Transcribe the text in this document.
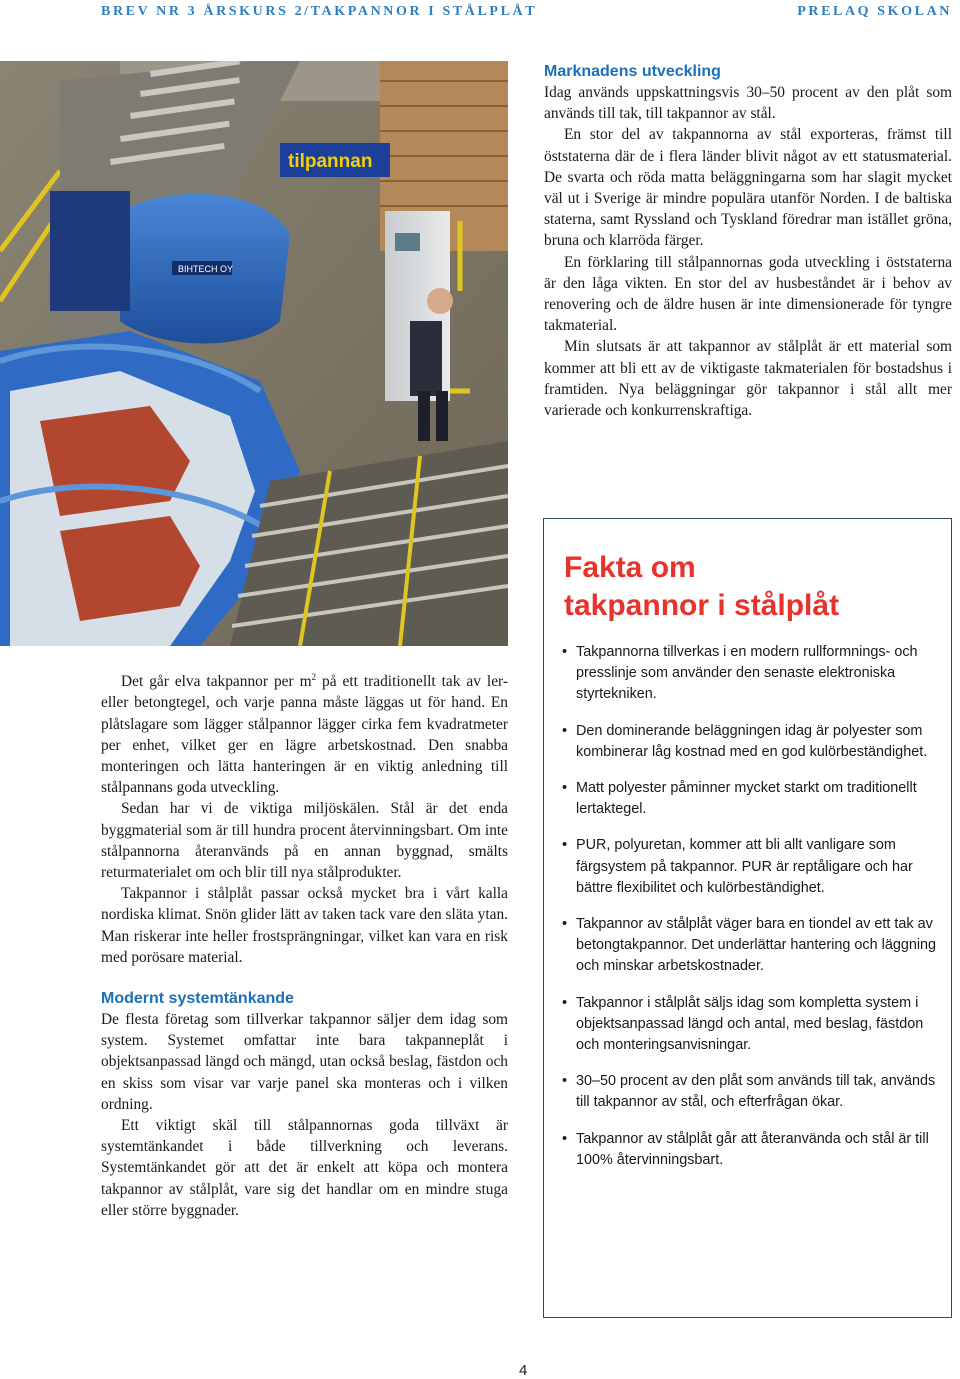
BREV NR 3 ÅRSKURS 2/TAKPANNOR I STÅLPLÅT	PRELAQ SKOLAN
tilpannan
BIHTECH OY
Marknadens utveckling

Idag används uppskattningsvis 30–50 procent av den plåt som används till tak, till takpannor av stål.

En stor del av takpannorna av stål exporteras, främst till öststaterna där de i flera länder blivit något av ett statusmaterial. De svarta och röda matta beläggningarna som har slagit mycket väl ut i Sverige är mindre populära utanför Norden. I de baltiska staterna, samt Ryssland och Tyskland föredrar man istället gröna, bruna och klarröda färger.

En förklaring till stålpannornas goda utveckling i öststaterna är den låga vikten. En stor del av husbeståndet är i behov av renovering och de äldre husen är inte dimensionerade för tyngre takmaterial.

Min slutsats är att takpannor av stålplåt är ett material som kommer att bli ett av de viktigaste takmaterialen för bostadshus i framtiden. Nya beläggningar gör takpannor i stål allt mer varierade och konkurrenskraftiga.

Det går elva takpannor per $m^2$ på ett traditionellt tak av ler- eller betongtegel, och varje panna måste läggas ut för hand. En plåtslagare som lägger stålpannor lägger cirka fem kvadratmeter per enhet, vilket ger en lägre arbetskostnad. Den snabba monteringen och lätta hanteringen är en viktig anledning till stålpannans goda utveckling.

Sedan har vi de viktiga miljöskälen. Stål är det enda byggmaterial som är till hundra procent återvinningsbart. Om inte stålpannorna återanvänds på en annan byggnad, smälts returmaterialet om och blir till nya stålprodukter.

Takpannor i stålplåt passar också mycket bra i vårt kalla nordiska klimat. Snön glider lätt av taken tack vare den släta ytan. Man riskerar inte heller frostsprängningar, vilket kan vara en risk med porösare material.

Modernt systemtänkande

De flesta företag som tillverkar takpannor säljer dem idag som system. Systemet omfattar inte bara takpanneplåt i objektsanpassad längd och mängd, utan också beslag, fästdon och en skiss som visar var varje panel ska monteras och i vilken ordning.

Ett viktigt skäl till stålpannornas goda tillväxt är systemtänkandet i både tillverkning och leverans. Systemtänkandet gör att det är enkelt att köpa och montera takpannor av stålplåt, vare sig det handlar om en mindre stuga eller större byggnader.

Fakta om
takpannor i stålplåt
• Takpannorna tillverkas i en modern rullformnings- och presslinje som använder den senaste elektroniska styrtekniken.
• Den dominerande beläggningen idag är polyester som kombinerar låg kostnad med en god kulörbeständighet.
• Matt polyester påminner mycket starkt om traditionellt lertaktegel.
• PUR, polyuretan, kommer att bli allt vanligare som färgsystem på takpannor. PUR är reptåligare och har bättre flexibilitet och kulörbeständighet.
• Takpannor av stålplåt väger bara en tiondel av ett tak av betongtakpannor. Det underlättar hantering och läggning och minskar arbetskostnader.
• Takpannor i stålplåt säljs idag som kompletta system i objektsanpassad längd och antal, med beslag, fästdon och monteringsanvisningar.
• 30–50 procent av den plåt som används till tak, används till takpannor av stål, och efterfrågan ökar.
• Takpannor av stålplåt går att återanvända och stål är till 100% återvinningsbart.
4
